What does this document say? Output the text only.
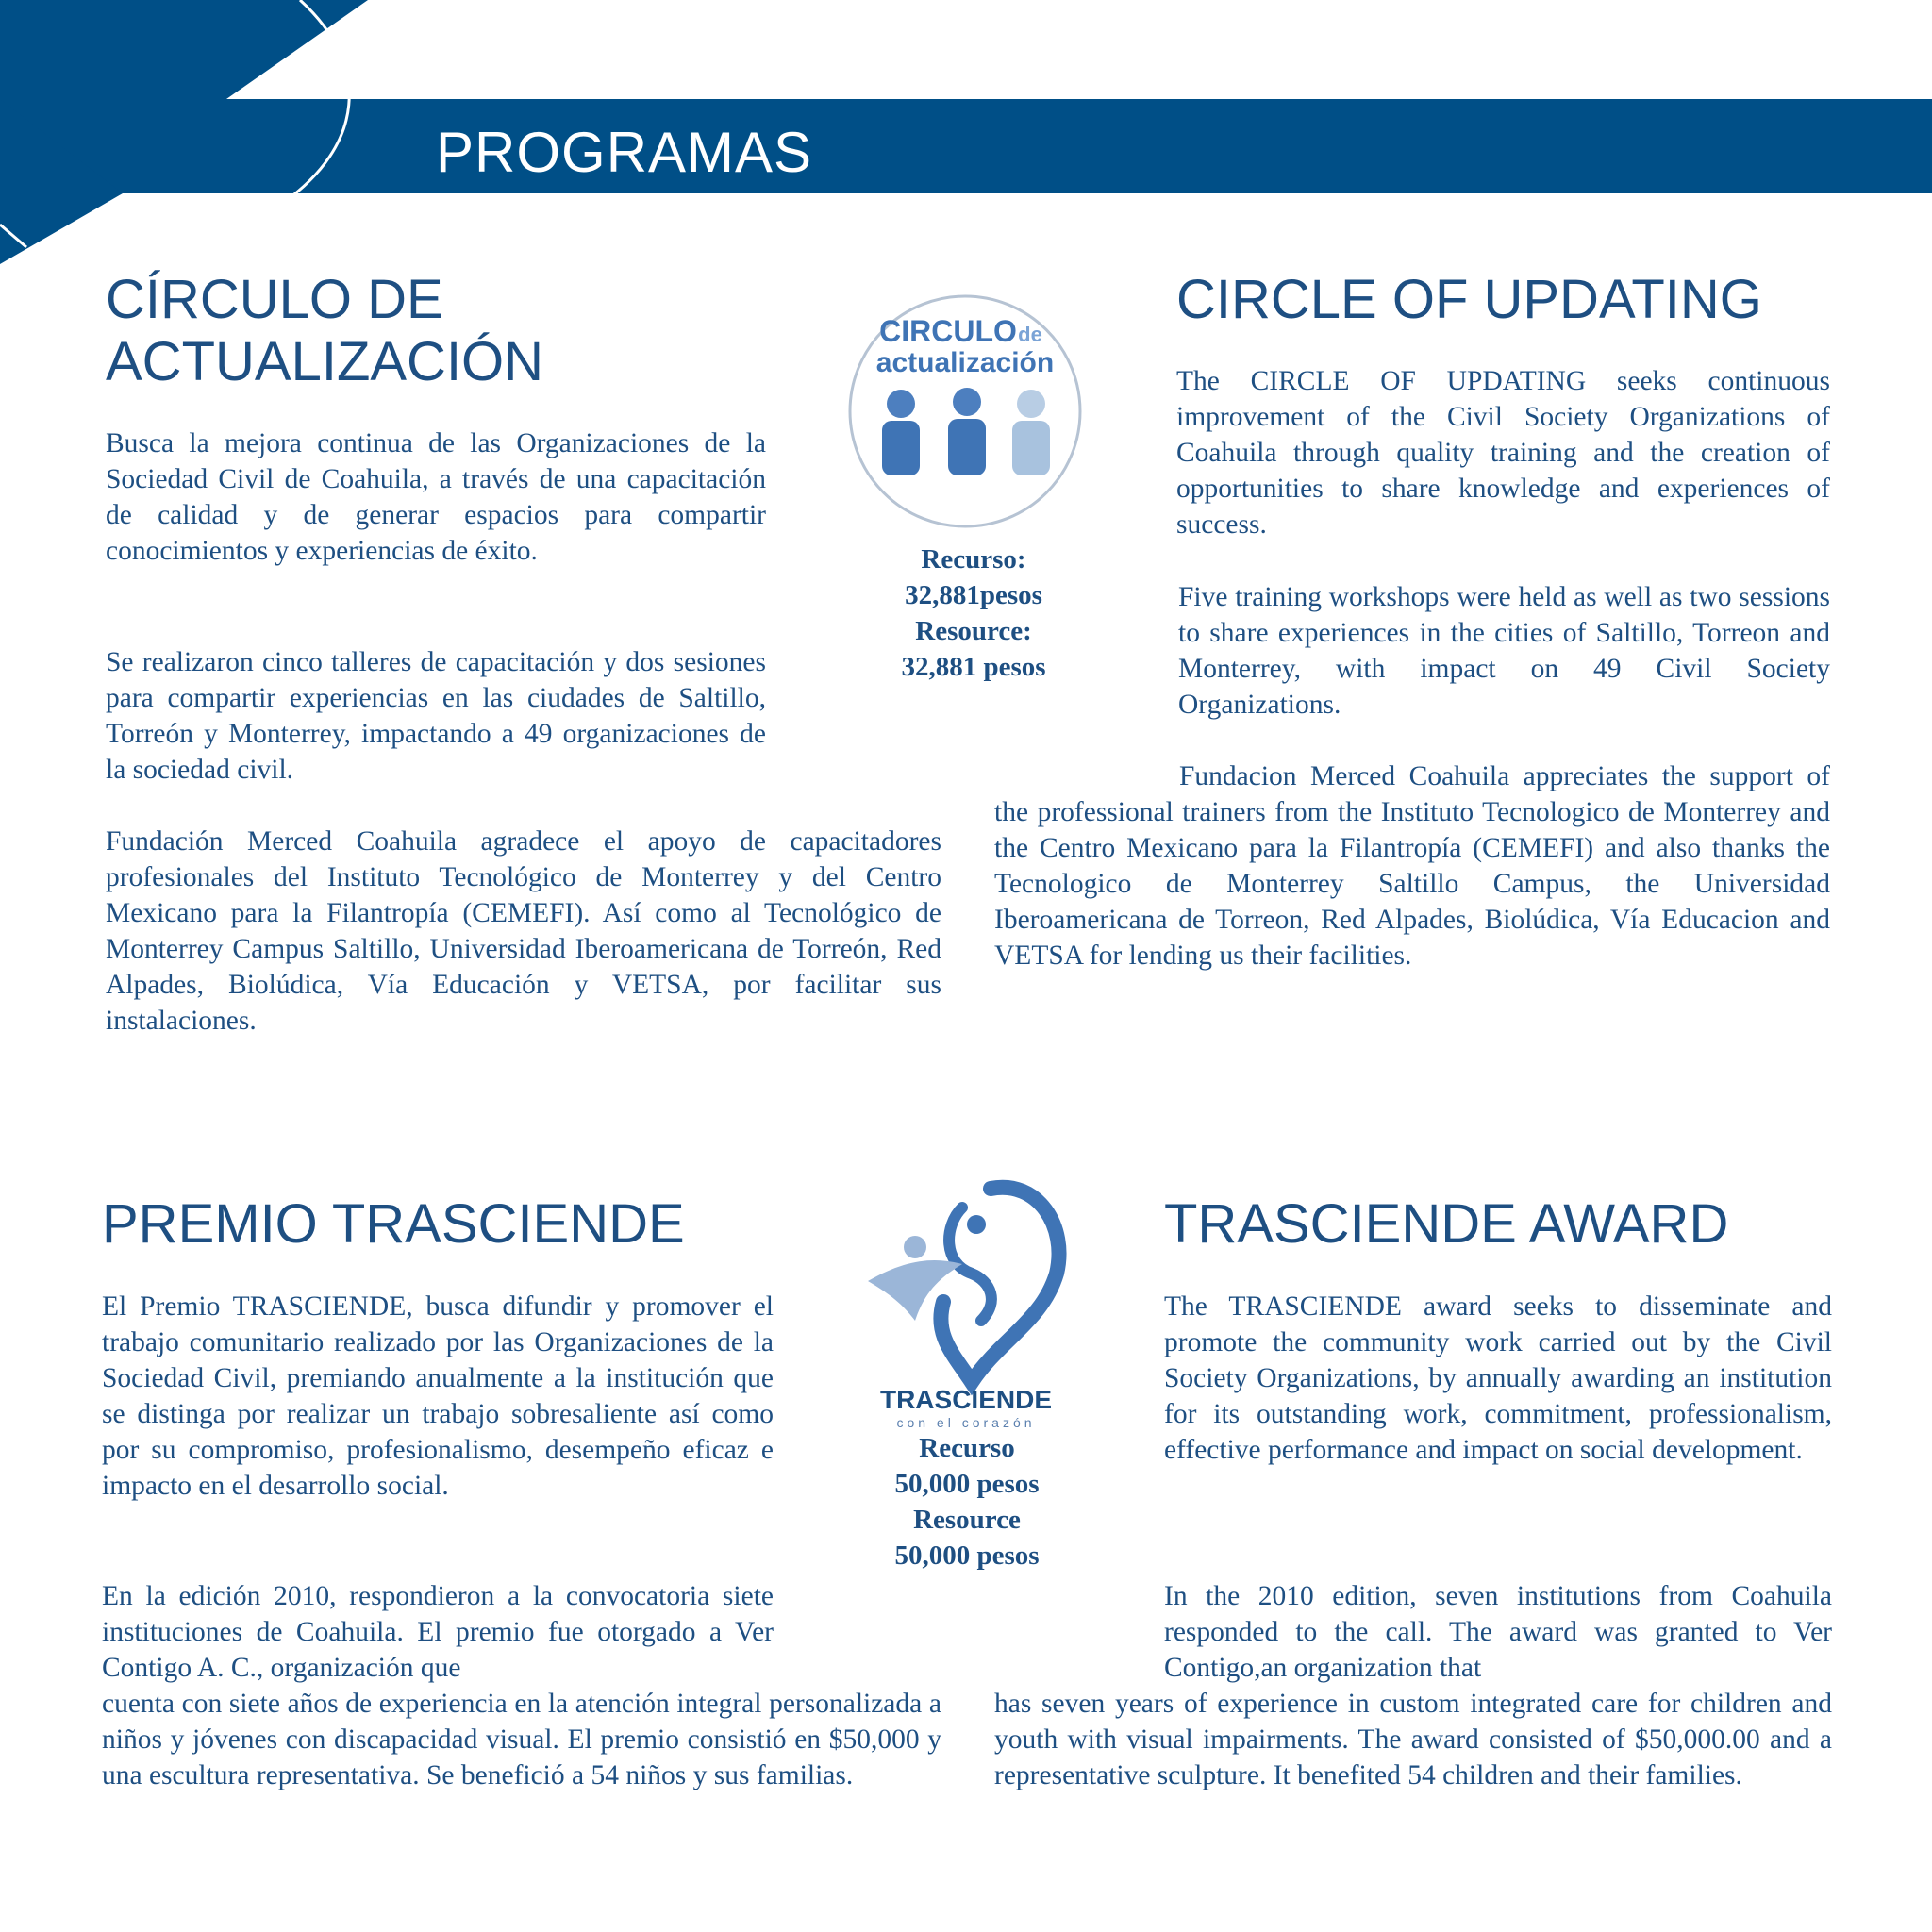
PROGRAMAS
CÍRCULO DE ACTUALIZACIÓN
CIRCLE OF UPDATING
CIRCULO de
actualización

Busca la mejora continua de las Organizaciones de la Sociedad Civil de Coahuila, a través de una capacitación de calidad y de generar espacios para compartir conocimientos y experiencias de éxito.

Se realizaron cinco talleres de capacitación y dos sesiones para compartir experiencias en las ciudades de Saltillo, Torreón y Monterrey, impactando a 49 organizaciones de la sociedad civil.

Fundación Merced Coahuila agradece el apoyo de capacitadores profesionales del Instituto Tecnológico de Monterrey y del Centro Mexicano para la Filantropía (CEMEFI). Así como al Tecnológico de Monterrey Campus Saltillo, Universidad Iberoamericana de Torreón, Red Alpades, Biolúdica, Vía Educación y VETSA, por facilitar sus instalaciones.

Recurso:
32,881pesos
Resource:
32,881 pesos

The CIRCLE OF UPDATING seeks continuous improvement of the Civil Society Organizations of Coahuila through quality training and the creation of opportunities to share knowledge and experiences of success.

Five training workshops were held as well as two sessions to share experiences in the cities of Saltillo, Torreon and Monterrey, with impact on 49 Civil Society Organizations.

Fundacion Merced Coahuila appreciates the support of the professional trainers from the Instituto Tecnologico de Monterrey and the Centro Mexicano para la Filantropía (CEMEFI) and also thanks the Tecnologico de Monterrey Saltillo Campus, the Universidad Iberoamericana de Torreon, Red Alpades, Biolúdica, Vía Educacion and VETSA for lending us their facilities.

PREMIO TRASCIENDE	TRASCIENDE AWARD
TRASCIENDE
con el corazón

El Premio TRASCIENDE, busca difundir y promover el trabajo comunitario realizado por las Organizaciones de la Sociedad Civil, premiando anualmente a la institución que se distinga por realizar un trabajo sobresaliente así como por su compromiso, profesionalismo, desempeño eficaz e impacto en el desarrollo social.

En la edición 2010, respondieron a la convocatoria siete instituciones de Coahuila. El premio fue otorgado a Ver Contigo A. C., organización que

cuenta con siete años de experiencia en la atención integral personalizada a niños y jóvenes con discapacidad visual. El premio consistió en $50,000 y una escultura representativa. Se benefició a 54 niños y sus familias.

Recurso
50,000 pesos
Resource
50,000 pesos

The TRASCIENDE award seeks to disseminate and promote the community work carried out by the Civil Society Organizations, by annually awarding an institution for its outstanding work, commitment, professionalism, effective performance and impact on social development.

In the 2010 edition, seven institutions from Coahuila responded to the call. The award was granted to Ver Contigo,an organization that

has seven years of experience in custom integrated care for children and youth with visual impairments. The award consisted of $50,000.00 and a representative sculpture. It benefited 54 children and their families.
